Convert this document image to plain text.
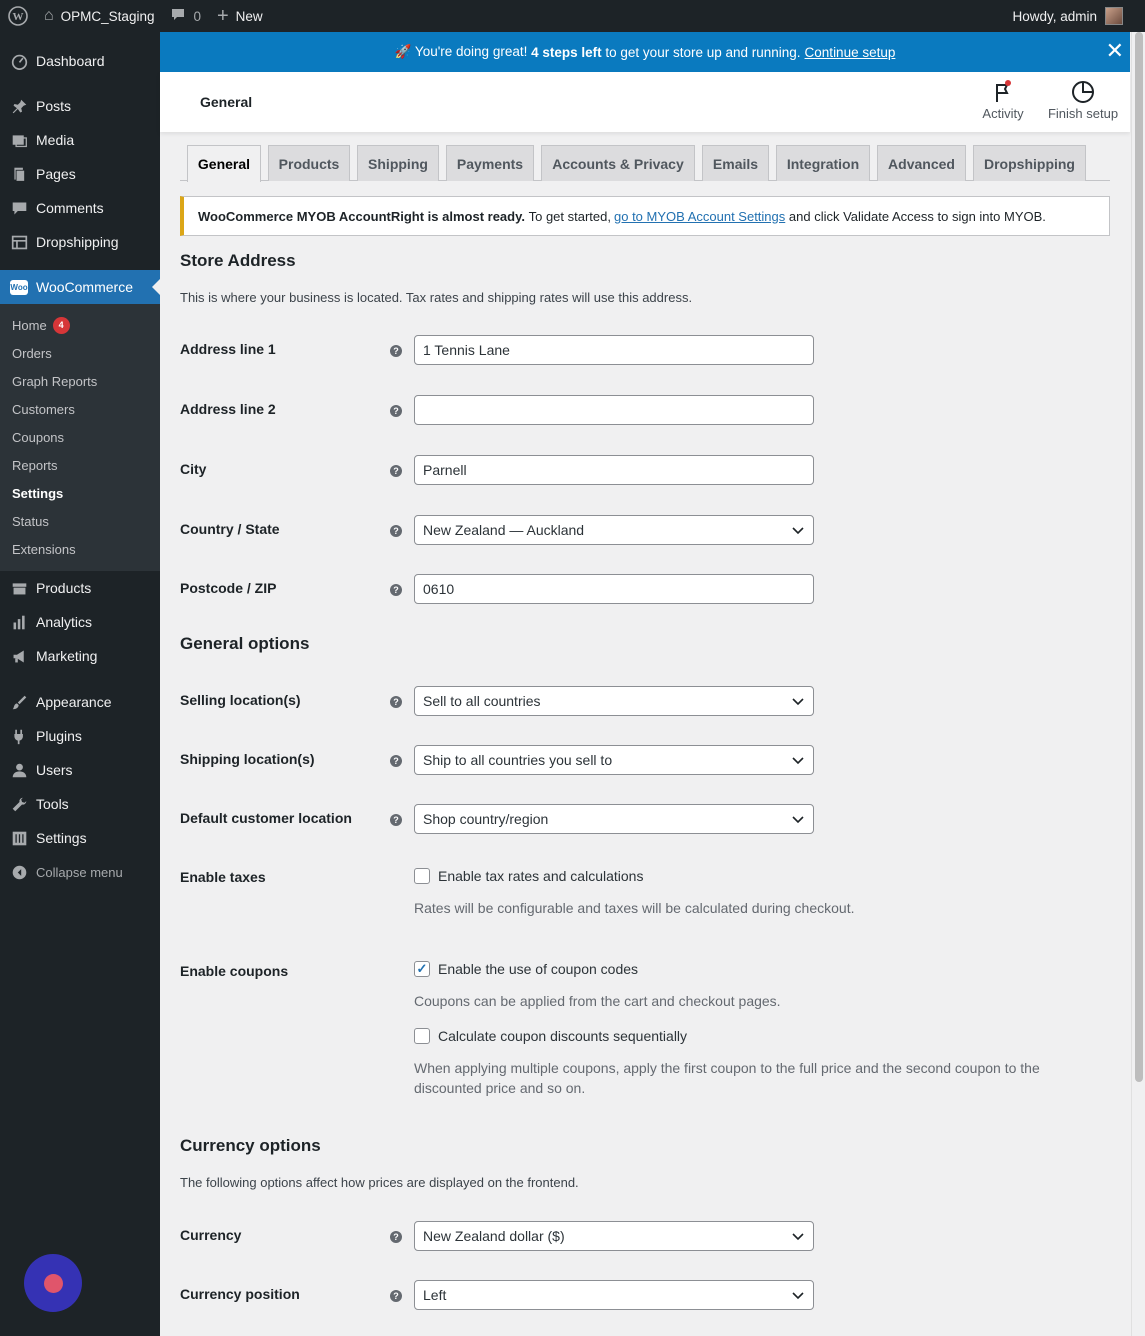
W ⌂ OPMC_Staging	0 + New	Howdy, admin
Dashboard
Posts
Media
Pages
Comments
Dropshipping
Woo WooCommerce
Home	4
Orders
Graph Reports
Customers
Coupons
Reports
Settings
Status
Extensions
Products
Analytics
Marketing
Appearance
Plugins
Users
Tools
Settings
Collapse menu
🚀 You're doing great!
4 steps left
to get your store up and running. Continue setup	✕
General
Activity	Finish setup
General	Products	Shipping	Payments	Accounts & Privacy	Emails	Integration	Advanced	Dropshipping
WooCommerce MYOB AccountRight is almost ready.
To get started, go to MYOB Account Settings
and click Validate Access to sign into MYOB.
Store Address

This is where your business is located. Tax rates and shipping rates will use this address.

Address line 1	?	1 Tennis Lane
Address line 2	?
City	?	Parnell
Country / State	? New Zealand — Auckland
Postcode / ZIP	?	0610
General options
Selling location(s)	? Sell to all countries
Shipping location(s)	? Ship to all countries you sell to
Default customer location	? Shop country/region
Enable taxes	Enable tax rates and calculations
Rates will be configurable and taxes will be calculated during checkout.
Enable coupons	✓ Enable the use of coupon codes
Coupons can be applied from the cart and checkout pages.
Calculate coupon discounts sequentially
When applying multiple coupons, apply the first coupon to the full price and the second coupon to the discounted price and so on.
Currency options

The following options affect how prices are displayed on the frontend.

Currency	? New Zealand dollar ($)
Currency position	? Left
